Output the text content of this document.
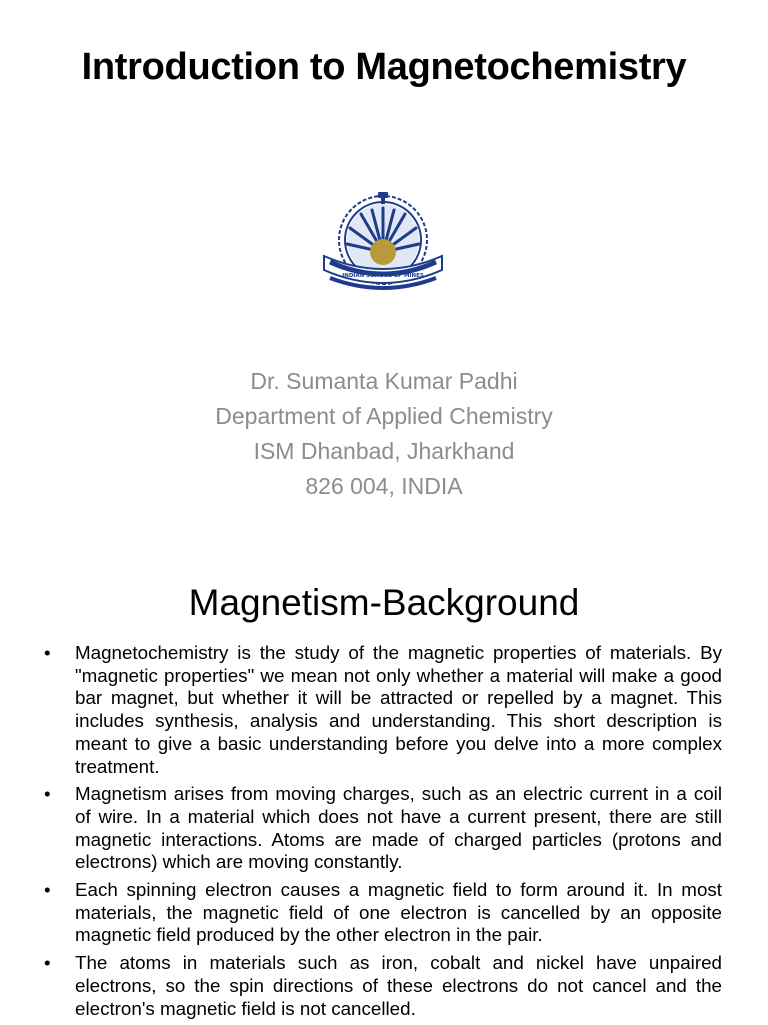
Introduction to Magnetochemistry
INDIAN SCHOOL OF MINES
Dr. Sumanta Kumar Padhi
Department of Applied Chemistry
ISM Dhanbad, Jharkhand
826 004, INDIA
Magnetism-Background
• Magnetochemistry is the study of the magnetic properties of materials. By "magnetic properties" we mean not only whether a material will make a good bar magnet, but whether it will be attracted or repelled by a magnet. This includes synthesis, analysis and understanding. This short description is meant to give a basic understanding before you delve into a more complex treatment.
• Magnetism arises from moving charges, such as an electric current in a coil of wire. In a material which does not have a current present, there are still magnetic interactions. Atoms are made of charged particles (protons and electrons) which are moving constantly.
• Each spinning electron causes a magnetic field to form around it. In most materials, the magnetic field of one electron is cancelled by an opposite magnetic field produced by the other electron in the pair.
• The atoms in materials such as iron, cobalt and nickel have unpaired electrons, so the spin directions of these electrons do not cancel and the electron's magnetic field is not cancelled.
